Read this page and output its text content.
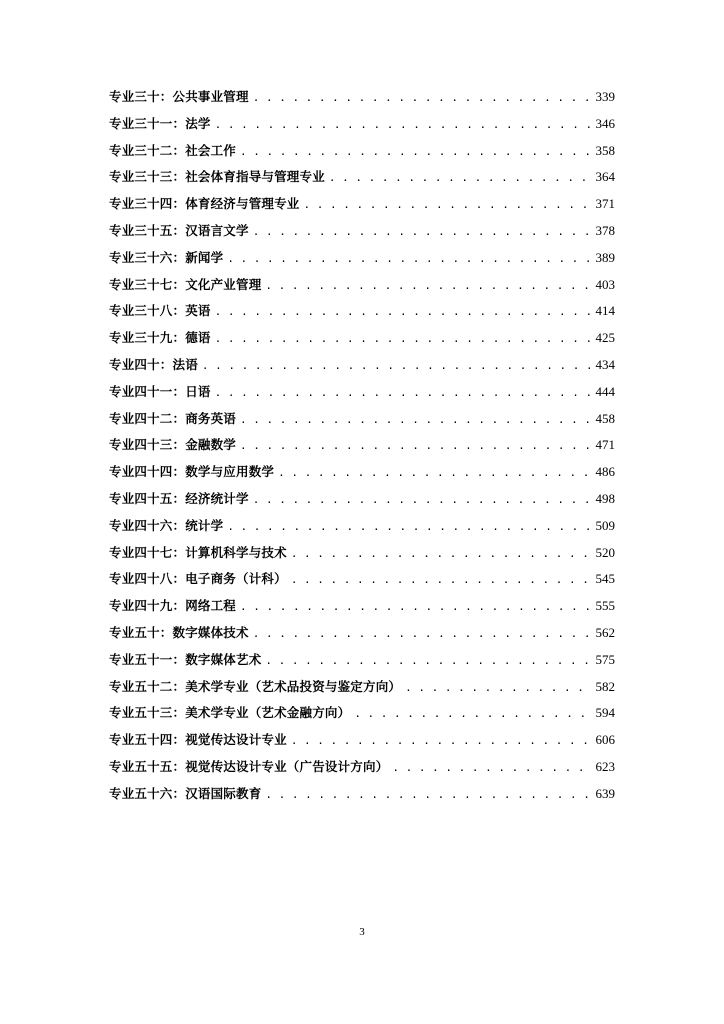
专业三十：公共事业管理 . . .	339
专业三十一：法学 . . .	346
专业三十二：社会工作 . . .	358
专业三十三：社会体育指导与管理专业 . . .	364
专业三十四：体育经济与管理专业 . . .	371
专业三十五：汉语言文学 . . .	378
专业三十六：新闻学 . . .	389
专业三十七：文化产业管理 . . .	403
专业三十八：英语 . . .	414
专业三十九：德语 . . .	425
专业四十：法语 . . .	434
专业四十一：日语 . . .	444
专业四十二：商务英语 . . .	458
专业四十三：金融数学 . . .	471
专业四十四：数学与应用数学 . . .	486
专业四十五：经济统计学 . . .	498
专业四十六：统计学 . . .	509
专业四十七：计算机科学与技术 . . .	520
专业四十八：电子商务（计科） . . .	545
专业四十九：网络工程 . . .	555
专业五十：数字媒体技术 . . .	562
专业五十一：数字媒体艺术 . . .	575
专业五十二：美术学专业（艺术品投资与鉴定方向） . . .	582
专业五十三：美术学专业（艺术金融方向） . . .	594
专业五十四：视觉传达设计专业 . . .	606
专业五十五：视觉传达设计专业（广告设计方向） . . .	623
专业五十六：汉语国际教育 . . .	639
3
